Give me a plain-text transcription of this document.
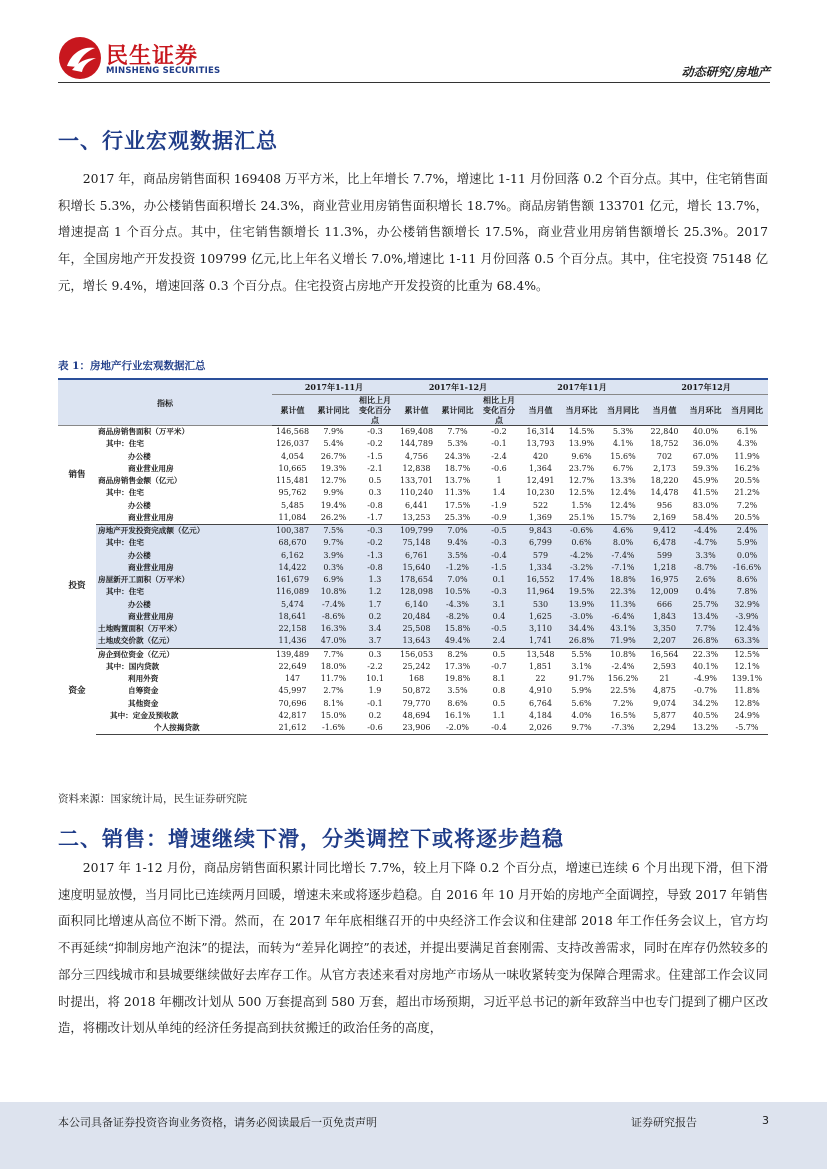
民生证券
MINSHENG SECURITIES	动态研究/房地产
一、行业宏观数据汇总

2017 年，商品房销售面积 169408 万平方米，比上年增长 7.7%，增速比 1-11 月份回落 0.2 个百分点。其中，住宅销售面积增长 5.3%，办公楼销售面积增长 24.3%，商业营业用房销售面积增长 18.7%。商品房销售额 133701 亿元，增长 13.7%，增速提高 1 个百分点。其中，住宅销售额增长 11.3%，办公楼销售额增长 17.5%，商业营业用房销售额增长 25.3%。2017 年，全国房地产开发投资 109799 亿元,比上年名义增长 7.0%,增速比 1-11 月份回落 0.5 个百分点。其中，住宅投资 75148 亿元，增长 9.4%，增速回落 0.3 个百分点。住宅投资占房地产开发投资的比重为 68.4%。

表 1：房地产行业宏观数据汇总
指标		2017年1-11月			2017年1-12月			2017年11月			2017年12月		
		累计值	累计同比	相比上月变化百分点	累计值	累计同比	相比上月变化百分点	当月值	当月环比	当月同比	当月值	当月环比	当月同比
销售	商品房销售面积（万平米）	146,568	7.9%	-0.3	169,408	7.7%	-0.2	16,314	14.5%	5.3%	22,840	40.0%	6.1%
	其中：住宅	126,037	5.4%	-0.2	144,789	5.3%	-0.1	13,793	13.9%	4.1%	18,752	36.0%	4.3%
	办公楼	4,054	26.7%	-1.5	4,756	24.3%	-2.4	420	9.6%	15.6%	702	67.0%	11.9%
	商业营业用房	10,665	19.3%	-2.1	12,838	18.7%	-0.6	1,364	23.7%	6.7%	2,173	59.3%	16.2%
	商品房销售金额（亿元）	115,481	12.7%	0.5	133,701	13.7%	1	12,491	12.7%	13.3%	18,220	45.9%	20.5%
	其中：住宅	95,762	9.9%	0.3	110,240	11.3%	1.4	10,230	12.5%	12.4%	14,478	41.5%	21.2%
	办公楼	5,485	19.4%	-0.8	6,441	17.5%	-1.9	522	1.5%	12.4%	956	83.0%	7.2%
	商业营业用房	11,084	26.2%	-1.7	13,253	25.3%	-0.9	1,369	25.1%	15.7%	2,169	58.4%	20.5%
投资	房地产开发投资完成额（亿元）	100,387	7.5%	-0.3	109,799	7.0%	-0.5	9,843	-0.6%	4.6%	9,412	-4.4%	2.4%
	其中：住宅	68,670	9.7%	-0.2	75,148	9.4%	-0.3	6,799	0.6%	8.0%	6,478	-4.7%	5.9%
	办公楼	6,162	3.9%	-1.3	6,761	3.5%	-0.4	579	-4.2%	-7.4%	599	3.3%	0.0%
	商业营业用房	14,422	0.3%	-0.8	15,640	-1.2%	-1.5	1,334	-3.2%	-7.1%	1,218	-8.7%	-16.6%
	房屋新开工面积（万平米）	161,679	6.9%	1.3	178,654	7.0%	0.1	16,552	17.4%	18.8%	16,975	2.6%	8.6%
	其中：住宅	116,089	10.8%	1.2	128,098	10.5%	-0.3	11,964	19.5%	22.3%	12,009	0.4%	7.8%
	办公楼	5,474	-7.4%	1.7	6,140	-4.3%	3.1	530	13.9%	11.3%	666	25.7%	32.9%
	商业营业用房	18,641	-8.6%	0.2	20,484	-8.2%	0.4	1,625	-3.0%	-6.4%	1,843	13.4%	-3.9%
	土地购置面积（万平米）	22,158	16.3%	3.4	25,508	15.8%	-0.5	3,110	34.4%	43.1%	3,350	7.7%	12.4%
	土地成交价款（亿元）	11,436	47.0%	3.7	13,643	49.4%	2.4	1,741	26.8%	71.9%	2,207	26.8%	63.3%
资金	房企到位资金（亿元）	139,489	7.7%	0.3	156,053	8.2%	0.5	13,548	5.5%	10.8%	16,564	22.3%	12.5%
	其中：国内贷款	22,649	18.0%	-2.2	25,242	17.3%	-0.7	1,851	3.1%	-2.4%	2,593	40.1%	12.1%
	利用外资	147	11.7%	10.1	168	19.8%	8.1	22	91.7%	156.2%	21	-4.9%	139.1%
	自筹资金	45,997	2.7%	1.9	50,872	3.5%	0.8	4,910	5.9%	22.5%	4,875	-0.7%	11.8%
	其他资金	70,696	8.1%	-0.1	79,770	8.6%	0.5	6,764	5.6%	7.2%	9,074	34.2%	12.8%
	其中：定金及预收款	42,817	15.0%	0.2	48,694	16.1%	1.1	4,184	4.0%	16.5%	5,877	40.5%	24.9%
	个人按揭贷款	21,612	-1.6%	-0.6	23,906	-2.0%	-0.4	2,026	9.7%	-7.3%	2,294	13.2%	-5.7%
资料来源：国家统计局，民生证券研究院
二、销售：增速继续下滑，分类调控下或将逐步趋稳

2017 年 1-12 月份，商品房销售面积累计同比增长 7.7%，较上月下降 0.2 个百分点，增速已连续 6 个月出现下滑，但下滑速度明显放慢，当月同比已连续两月回暖，增速未来或将逐步趋稳。自 2016 年 10 月开始的房地产全面调控，导致 2017 年销售面积同比增速从高位不断下滑。然而，在 2017 年年底相继召开的中央经济工作会议和住建部 2018 年工作任务会议上，官方均不再延续“抑制房地产泡沫”的提法，而转为“差异化调控”的表述，并提出要满足首套刚需、支持改善需求，同时在库存仍然较多的部分三四线城市和县城要继续做好去库存工作。从官方表述来看对房地产市场从一味收紧转变为保障合理需求。住建部工作会议同时提出，将 2018 年棚改计划从 500 万套提高到 580 万套，超出市场预期，习近平总书记的新年致辞当中也专门提到了棚户区改造，将棚改计划从单纯的经济任务提高到扶贫搬迁的政治任务的高度，

本公司具备证券投资咨询业务资格，请务必阅读最后一页免责声明	证券研究报告	3
